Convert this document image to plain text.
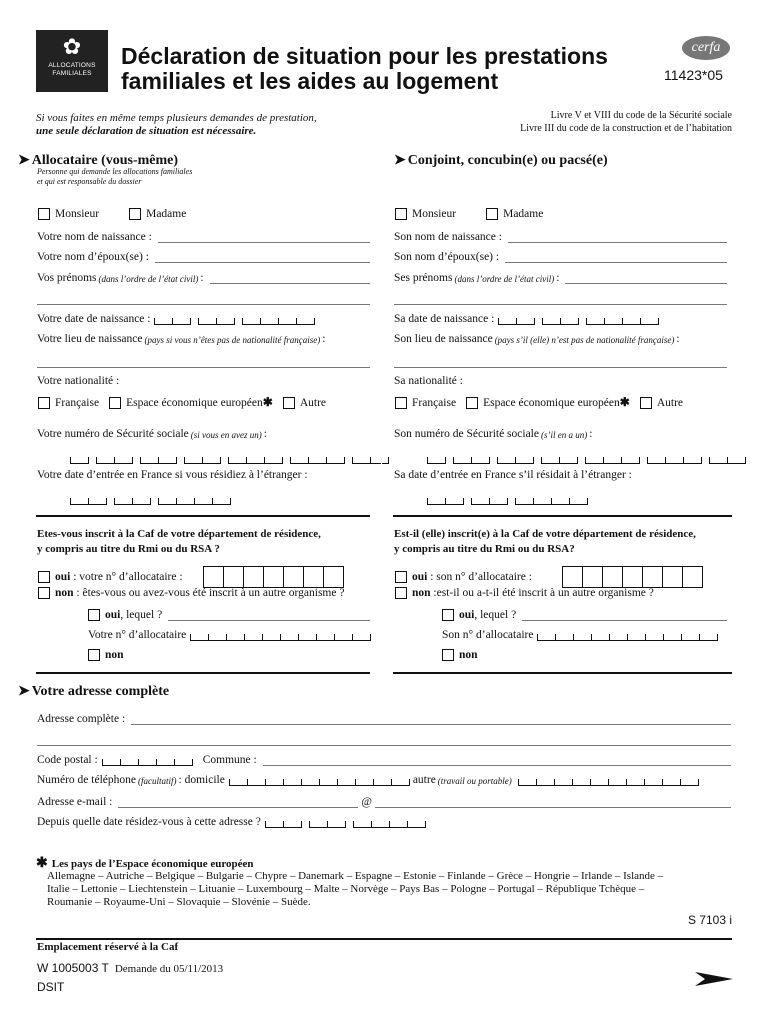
✿
ALLOCATIONS FAMILIALES
Déclaration de situation pour les prestations
familiales et les aides au logement
cerfa
11423*05
Si vous faites en même temps plusieurs demandes de prestation,
une seule déclaration de situation est nécessaire.
Livre V et VIII du code de la Sécurité sociale
Livre III du code de la construction et de l’habitation
➤ Allocataire (vous-même)
Personne qui demande les allocations familiales
et qui est responsable du dossier
Monsieur
	Madame
Votre nom de naissance :
Votre nom d’époux(se) :
Vos prénoms (dans l’ordre de l’état civil) :
Votre date de naissance :
Votre lieu de naissance (pays si vous n’êtes pas de nationalité française) :
Votre nationalité :
Française
Espace économique européen ✱
Autre
Votre numéro de Sécurité sociale (si vous en avez un) :
Votre date d’entrée en France si vous résidiez à l’étranger :
Etes-vous inscrit à la Caf de votre département de résidence,
y compris au titre du Rmi ou du RSA ?
oui
: votre n° d’allocataire :
non
: êtes-vous ou avez-vous été inscrit à un autre organisme ?
oui , lequel ?
Votre n° d’allocataire
non
➤ Conjoint, concubin(e) ou pacsé(e)
Monsieur
	Madame
Son nom de naissance :
Son nom d’époux(se) :
Ses prénoms (dans l’ordre de l’état civil) :
Sa date de naissance :
Son lieu de naissance (pays s’il (elle) n’est pas de nationalité française) :
Sa nationalité :
Française
Espace économique européen ✱
Autre
Son numéro de Sécurité sociale (s’il en a un) :
Sa date d’entrée en France s’il résidait à l’étranger :
Est-il (elle) inscrit(e) à la Caf de votre département de résidence,
y compris au titre du Rmi ou du RSA?
oui
: son n° d’allocataire :
non
:est-il ou a-t-il été inscrit à un autre organisme ?
oui , lequel ?
Son n° d’allocataire
non
➤ Votre adresse complète
Adresse complète :
Code postal :	Commune :
Numéro de téléphone (facultatif) : domicile	autre (travail ou portable)
Adresse e-mail :	@
Depuis quelle date résidez-vous à cette adresse ?
✱ Les pays de l’Espace économique européen
Allemagne – Autriche – Belgique – Bulgarie – Chypre – Danemark – Espagne – Estonie – Finlande – Grèce – Hongrie – Irlande – Islande –
Italie – Lettonie – Liechtenstein – Lituanie – Luxembourg – Malte – Norvège – Pays Bas – Pologne – Portugal – République Tchèque –
Roumanie – Royaume-Uni – Slovaquie – Slovénie – Suède.
S 7103 i
Emplacement réservé à la Caf
W 1005003 T Demande du 05/11/2013
DSIT
